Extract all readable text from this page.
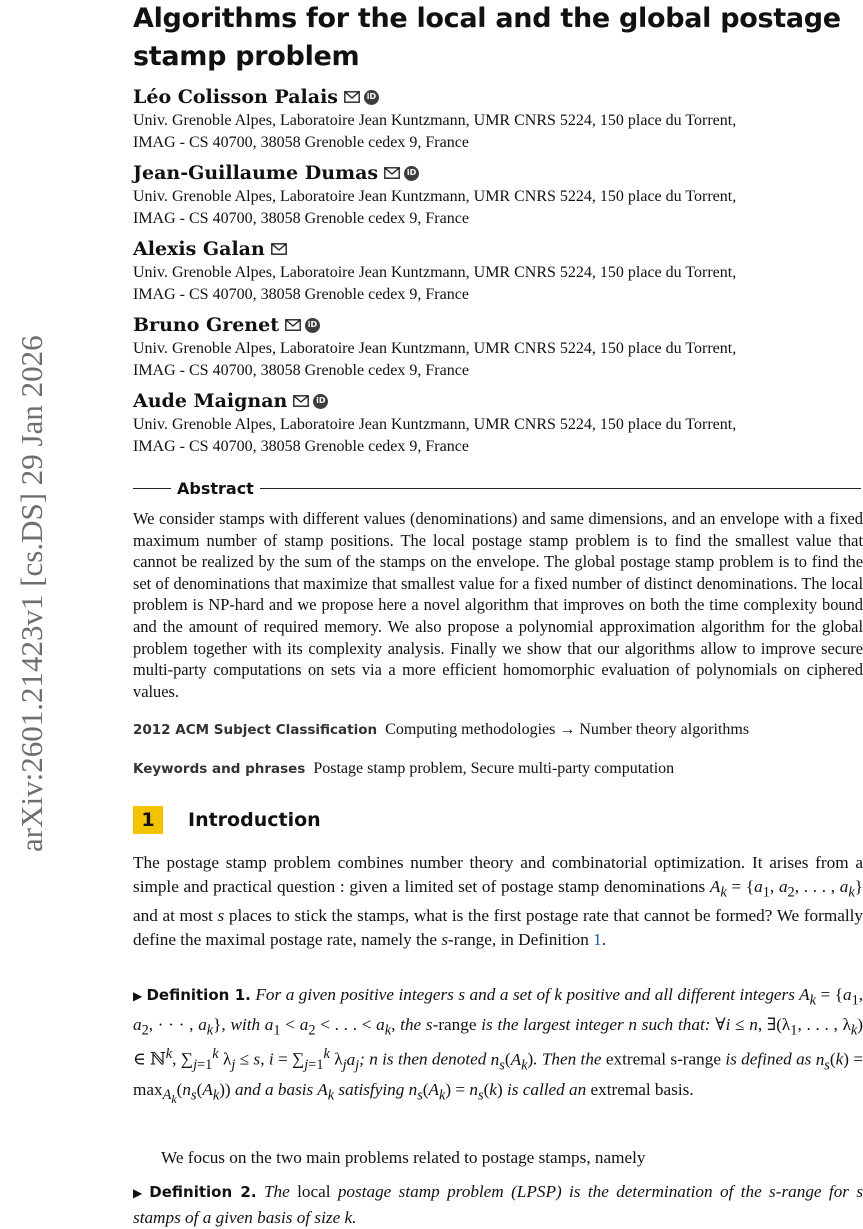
arXiv:2601.21423v1 [cs.DS] 29 Jan 2026
Algorithms for the local and the global postage stamp problem
Léo Colisson Palais	iD
Univ. Grenoble Alpes, Laboratoire Jean Kuntzmann, UMR CNRS 5224, 150 place du Torrent,
IMAG - CS 40700, 38058 Grenoble cedex 9, France
Jean-Guillaume Dumas	iD
Univ. Grenoble Alpes, Laboratoire Jean Kuntzmann, UMR CNRS 5224, 150 place du Torrent,
IMAG - CS 40700, 38058 Grenoble cedex 9, France
Alexis Galan
Univ. Grenoble Alpes, Laboratoire Jean Kuntzmann, UMR CNRS 5224, 150 place du Torrent,
IMAG - CS 40700, 38058 Grenoble cedex 9, France
Bruno Grenet	iD
Univ. Grenoble Alpes, Laboratoire Jean Kuntzmann, UMR CNRS 5224, 150 place du Torrent,
IMAG - CS 40700, 38058 Grenoble cedex 9, France
Aude Maignan	iD
Univ. Grenoble Alpes, Laboratoire Jean Kuntzmann, UMR CNRS 5224, 150 place du Torrent,
IMAG - CS 40700, 38058 Grenoble cedex 9, France
Abstract

We consider stamps with different values (denominations) and same dimensions, and an envelope with a fixed maximum number of stamp positions. The local postage stamp problem is to find the smallest value that cannot be realized by the sum of the stamps on the envelope. The global postage stamp problem is to find the set of denominations that maximize that smallest value for a fixed number of distinct denominations. The local problem is NP-hard and we propose here a novel algorithm that improves on both the time complexity bound and the amount of required memory. We also propose a polynomial approximation algorithm for the global problem together with its complexity analysis. Finally we show that our algorithms allow to improve secure multi-party computations on sets via a more efficient homomorphic evaluation of polynomials on ciphered values.

2012 ACM Subject Classification Computing methodologies → Number theory algorithms
Keywords and phrases Postage stamp problem, Secure multi-party computation
1	Introduction

The postage stamp problem combines number theory and combinatorial optimization. It arises from a simple and practical question : given a limited set of postage stamp denominations $A_k = \{a_1$, $a_2$, . . . , $a_k$} and at most s places to stick the stamps, what is the first postage rate that cannot be formed? We formally define the maximal postage rate, namely the s-range, in Definition 1.

▶ Definition 1. For a given positive integers s and a set of k positive and all different integers $A_k = \{a_1$, $a_2$, · · · , $a_k$}, with $a_1 < a_2$ < . . . < $a_k$, the s-range is the largest integer n such that: ∀i ≤ n, $\exists(\lambda_1$, . . . , $\lambda_k$) ∈ ℕ$^k$, $\sum_{j=1}^k$ $\lambda_j \le s$, $i = \sum_{j=1}^k$ $\lambda_ja_j$; n is then denoted $n_s(A_k)$. Then the extremal s-range is defined as $n_s(k) = \max_{A_k}(n_s(A_k))$ and a basis $A_k$ satisfying $n_s(A_k) = n_s(k)$ is called an extremal basis.

We focus on the two main problems related to postage stamps, namely

▶ Definition 2. The local postage stamp problem (LPSP) is the determination of the s-range for s stamps of a given basis of size k.
